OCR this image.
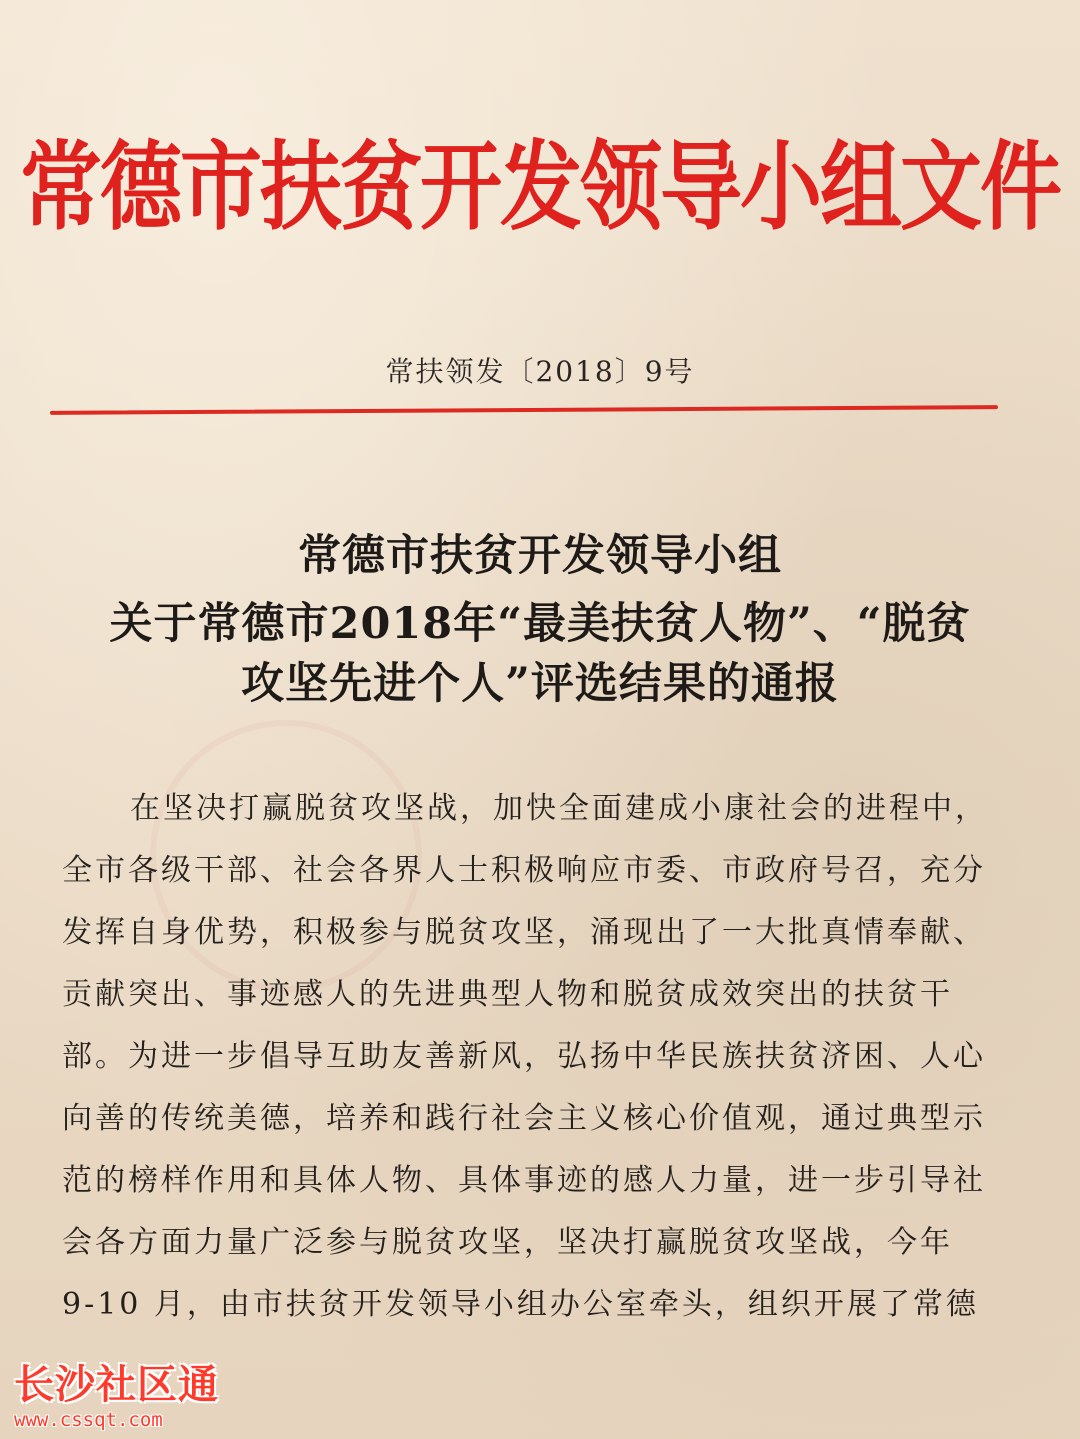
常德市扶贫开发领导小组文件
常扶领发〔2018〕9号
常德市扶贫开发领导小组
关于常德市2018年“最美扶贫人物”、“脱贫
攻坚先进个人”评选结果的通报
在坚决打赢脱贫攻坚战，加快全面建成小康社会的进程中，
全市各级干部、社会各界人士积极响应市委、市政府号召，充分
发挥自身优势，积极参与脱贫攻坚，涌现出了一大批真情奉献、
贡献突出、事迹感人的先进典型人物和脱贫成效突出的扶贫干
部。为进一步倡导互助友善新风，弘扬中华民族扶贫济困、人心
向善的传统美德，培养和践行社会主义核心价值观，通过典型示
范的榜样作用和具体人物、具体事迹的感人力量，进一步引导社
会各方面力量广泛参与脱贫攻坚，坚决打赢脱贫攻坚战，今年
9-10 月，由市扶贫开发领导小组办公室牵头，组织开展了常德
长沙社区通
www.cssqt.com
